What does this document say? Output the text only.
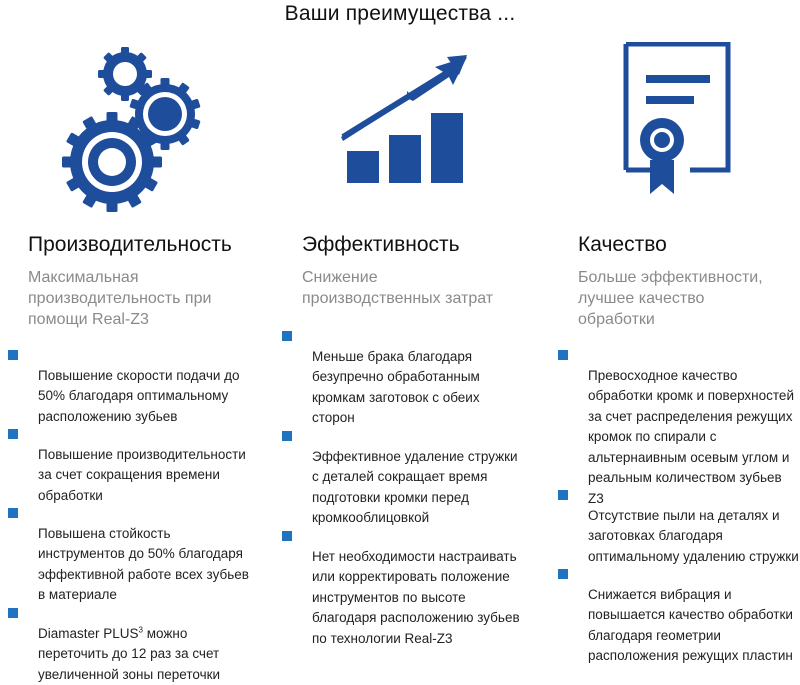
Ваши преимущества ...
Производительность
Максимальная
производительность при
помощи Real-Z3

Повышение скорости подачи до
50% благодаря оптимальному
расположению зубьев

Повышение производительности
за счет сокращения времени
обработки

Повышена стойкость
инструментов до 50% благодаря
эффективной работе всех зубьев
в материале

Diamaster PLUS$^3$ можно
переточить до 12 раз за счет
увеличенной зоны переточки

Эффективность
Снижение
производственных затрат

Меньше брака благодаря
безупречно обработанным
кромкам заготовок с обеих
сторон

Эффективное удаление стружки
с деталей сокращает время
подготовки кромки перед
кромкооблицовкой

Нет необходимости настраивать
или корректировать положение
инструментов по высоте
благодаря расположению зубьев
по технологии Real-Z3

Качество
Больше эффективности,
лучшее качество
обработки

Превосходное качество
обработки кромк и поверхностей
за счет распределения режущих
кромок по спирали с
альтернаивным осевым углом и
реальным количеством зубьев Z3

Отсутствие пыли на деталях и
заготовках благодаря
оптимальному удалению стружки

Снижается вибрация и
повышается качество обработки
благодаря геометрии
расположения режущих пластин
